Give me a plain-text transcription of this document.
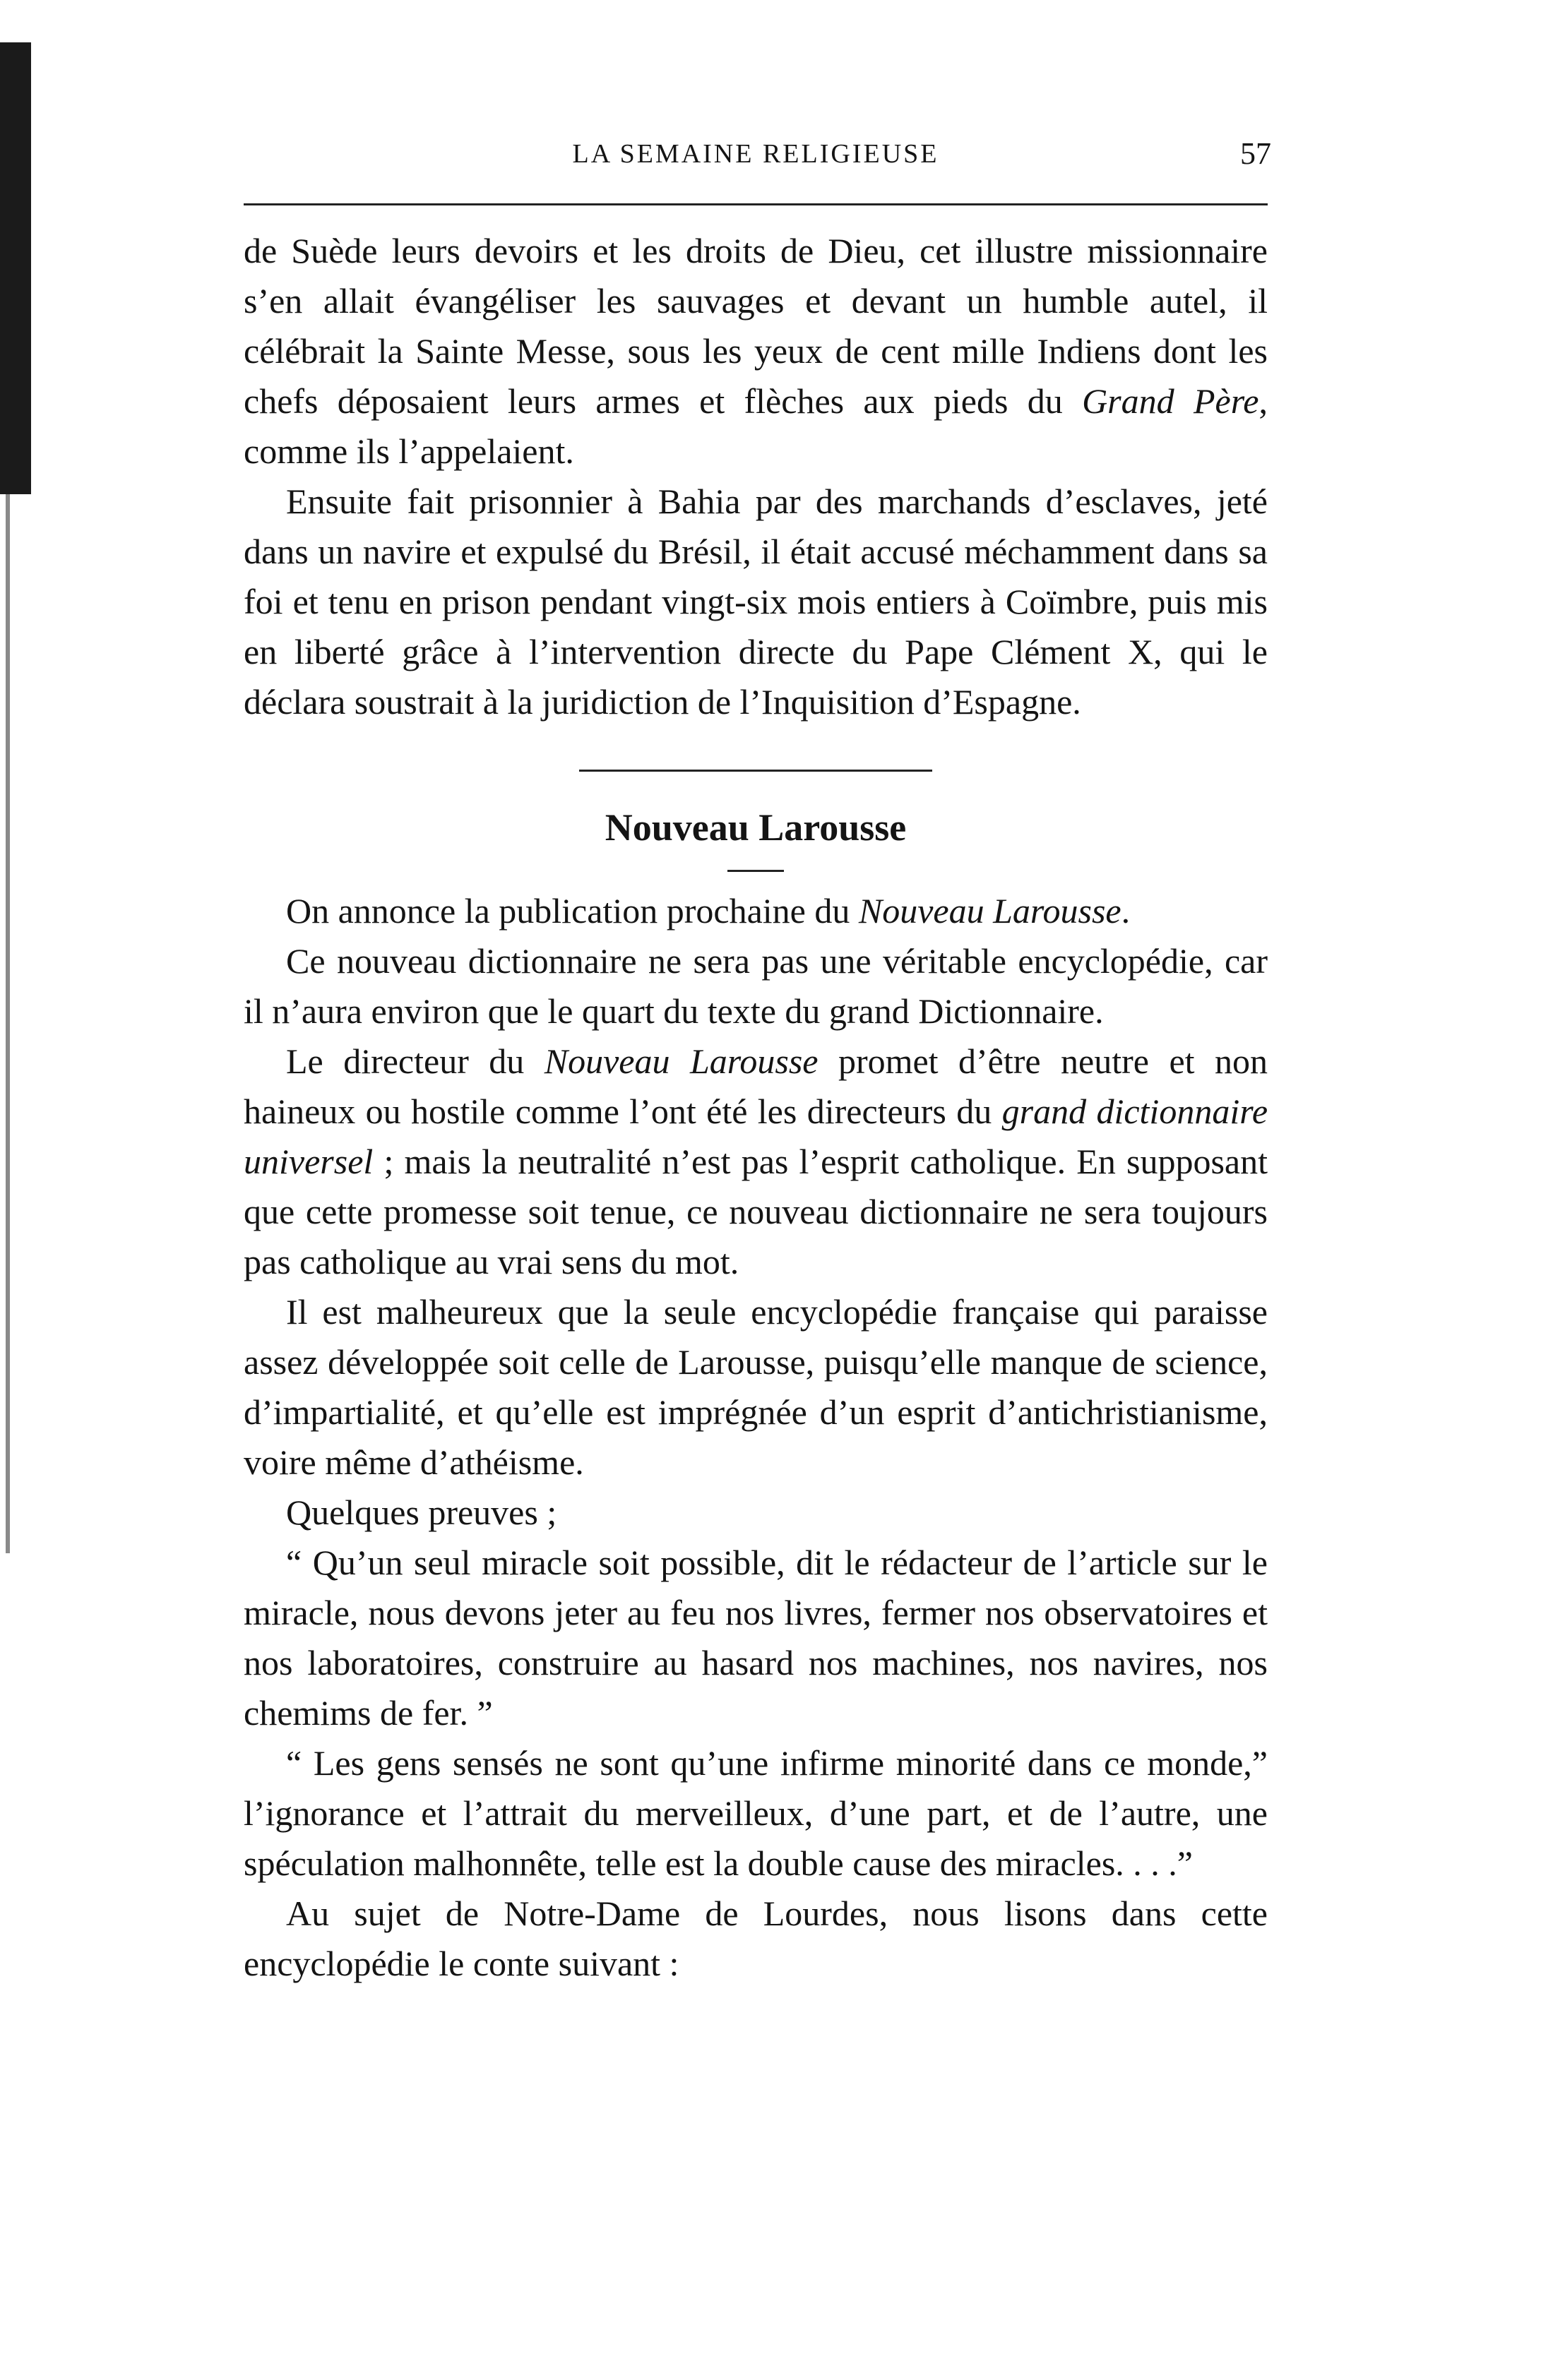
LA SEMAINE RELIGIEUSE	57

de Suède leurs devoirs et les droits de Dieu, cet illustre missionnaire s’en allait évangéliser les sauvages et devant un humble autel, il célébrait la Sainte Messe, sous les yeux de cent mille Indiens dont les chefs déposaient leurs armes et flèches aux pieds du Grand Père, comme ils l’appelaient.

Ensuite fait prisonnier à Bahia par des marchands d’esclaves, jeté dans un navire et expulsé du Brésil, il était accusé méchamment dans sa foi et tenu en prison pendant vingt-six mois entiers à Coïmbre, puis mis en liberté grâce à l’intervention directe du Pape Clément X, qui le déclara soustrait à la juridiction de l’Inquisition d’Espagne.

Nouveau Larousse

On annonce la publication prochaine du Nouveau Larousse.

Ce nouveau dictionnaire ne sera pas une véritable encyclopédie, car il n’aura environ que le quart du texte du grand Dictionnaire.

Le directeur du Nouveau Larousse promet d’être neutre et non haineux ou hostile comme l’ont été les directeurs du grand dictionnaire universel ; mais la neutralité n’est pas l’esprit catholique. En supposant que cette promesse soit tenue, ce nouveau dictionnaire ne sera toujours pas catholique au vrai sens du mot.

Il est malheureux que la seule encyclopédie française qui paraisse assez développée soit celle de Larousse, puisqu’elle manque de science, d’impartialité, et qu’elle est imprégnée d’un esprit d’antichristianisme, voire même d’athéisme.

Quelques preuves ;

“ Qu’un seul miracle soit possible, dit le rédacteur de l’article sur le miracle, nous devons jeter au feu nos livres, fermer nos observatoires et nos laboratoires, construire au hasard nos machines, nos navires, nos chemims de fer. ”

“ Les gens sensés ne sont qu’une infirme minorité dans ce monde,” l’ignorance et l’attrait du merveilleux, d’une part, et de l’autre, une spéculation malhonnête, telle est la double cause des miracles. . . .”

Au sujet de Notre-Dame de Lourdes, nous lisons dans cette encyclopédie le conte suivant :
